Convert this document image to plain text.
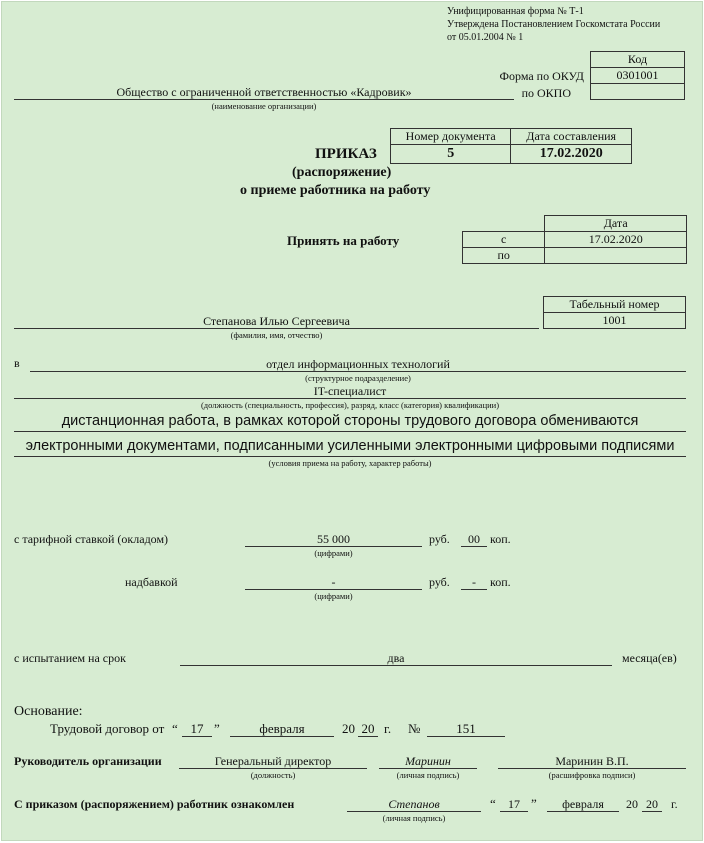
Унифицированная форма № Т-1
Утверждена Постановлением Госкомстата России
от 05.01.2004 № 1
Код
0301001

Форма по ОКУД
по ОКПО
Общество с ограниченной ответственностью «Кадровик»
(наименование организации)
Номер документа	Дата составления
5	17.02.2020
ПРИКАЗ
(распоряжение)
о приеме работника на работу
Принять на работу
	Дата
с	17.02.2020
по	
Табельный номер
1001
Степанова Илью Сергеевича
(фамилия, имя, отчество)
в	отдел информационных технологий
(структурное подразделение)
IT-специалист
(должность (специальность, профессия), разряд, класс (категория) квалификации)
дистанционная работа, в рамках которой стороны трудового договора обмениваются
электронными документами, подписанными усиленными электронными цифровыми подписями
(условия приема на работу, характер работы)
с тарифной ставкой (окладом)	55 000
(цифрами)
руб.	00 коп.
надбавкой	-
(цифрами)
руб.	-	коп.
с испытанием на срок	два	месяца(ев)
Основание:
Трудовой договор от “ 17 ”	февраля	20 20 г. №	151
Руководитель организации	Генеральный директор
(должность)
Маринин
(личная подпись)
Маринин В.П.
(расшифровка подписи)
С приказом (распоряжением) работник ознакомлен	Степанов
(личная подпись)
“	17 ”	февраля	20 20	г.
